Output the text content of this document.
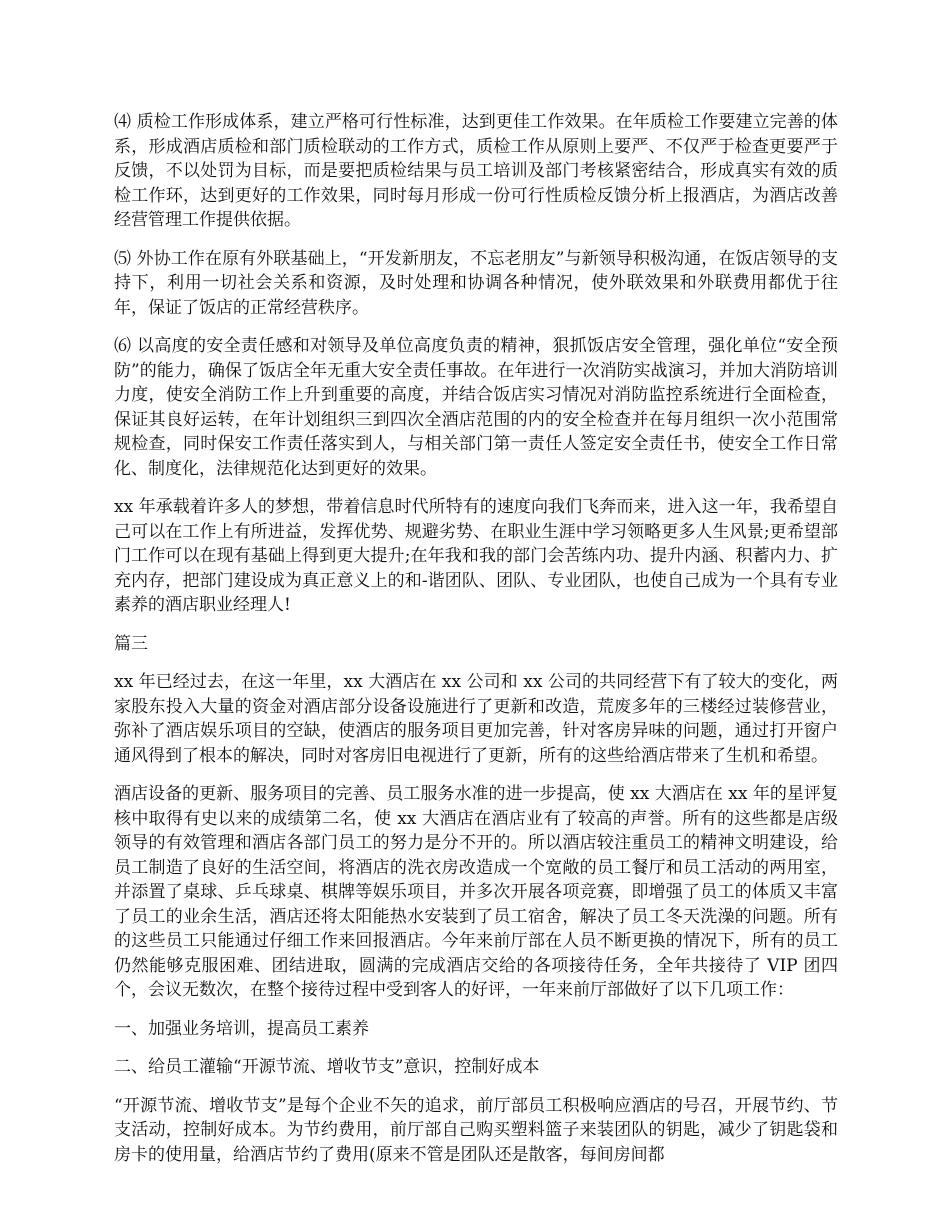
⑷ 质检工作形成体系，建立严格可行性标准，达到更佳工作效果。在年质检工作要建立完善的体系，形成酒店质检和部门质检联动的工作方式，质检工作从原则上要严、不仅严于检查更要严于反馈，不以处罚为目标，而是要把质检结果与员工培训及部门考核紧密结合，形成真实有效的质检工作环，达到更好的工作效果，同时每月形成一份可行性质检反馈分析上报酒店，为酒店改善经营管理工作提供依据。

⑸ 外协工作在原有外联基础上，“开发新朋友，不忘老朋友”与新领导积极沟通，在饭店领导的支持下，利用一切社会关系和资源，及时处理和协调各种情况，使外联效果和外联费用都优于往年，保证了饭店的正常经营秩序。

⑹ 以高度的安全责任感和对领导及单位高度负责的精神，狠抓饭店安全管理，强化单位“安全预防”的能力，确保了饭店全年无重大安全责任事故。在年进行一次消防实战演习，并加大消防培训力度，使安全消防工作上升到重要的高度，并结合饭店实习情况对消防监控系统进行全面检查，保证其良好运转，在年计划组织三到四次全酒店范围的内的安全检查并在每月组织一次小范围常规检查，同时保安工作责任落实到人，与相关部门第一责任人签定安全责任书，使安全工作日常化、制度化，法律规范化达到更好的效果。

xx 年承载着许多人的梦想，带着信息时代所特有的速度向我们飞奔而来，进入这一年，我希望自己可以在工作上有所进益，发挥优势、规避劣势、在职业生涯中学习领略更多人生风景;更希望部门工作可以在现有基础上得到更大提升;在年我和我的部门会苦练内功、提升内涵、积蓄内力、扩充内存，把部门建设成为真正意义上的和-谐团队、团队、专业团队，也使自己成为一个具有专业素养的酒店职业经理人!

篇三

xx 年已经过去，在这一年里，xx 大酒店在 xx 公司和 xx 公司的共同经营下有了较大的变化，两家股东投入大量的资金对酒店部分设备设施进行了更新和改造，荒废多年的三楼经过装修营业，弥补了酒店娱乐项目的空缺，使酒店的服务项目更加完善，针对客房异味的问题，通过打开窗户通风得到了根本的解决，同时对客房旧电视进行了更新，所有的这些给酒店带来了生机和希望。

酒店设备的更新、服务项目的完善、员工服务水准的进一步提高，使 xx 大酒店在 xx 年的星评复核中取得有史以来的成绩第二名，使 xx 大酒店在酒店业有了较高的声誉。所有的这些都是店级领导的有效管理和酒店各部门员工的努力是分不开的。所以酒店较注重员工的精神文明建设，给员工制造了良好的生活空间，将酒店的洗衣房改造成一个宽敞的员工餐厅和员工活动的两用室，并添置了桌球、乒乓球桌、棋牌等娱乐项目，并多次开展各项竞赛，即增强了员工的体质又丰富了员工的业余生活，酒店还将太阳能热水安装到了员工宿舍，解决了员工冬天洗澡的问题。所有的这些员工只能通过仔细工作来回报酒店。今年来前厅部在人员不断更换的情况下，所有的员工仍然能够克服困难、团结进取，圆满的完成酒店交给的各项接待任务，全年共接待了 VIP 团四个，会议无数次，在整个接待过程中受到客人的好评，一年来前厅部做好了以下几项工作：

一、加强业务培训，提高员工素养

二、给员工灌输“开源节流、增收节支”意识，控制好成本

“开源节流、增收节支”是每个企业不矢的追求，前厅部员工积极响应酒店的号召，开展节约、节支活动，控制好成本。为节约费用，前厅部自己购买塑料篮子来装团队的钥匙，减少了钥匙袋和房卡的使用量，给酒店节约了费用(原来不管是团队还是散客，每间房间都
